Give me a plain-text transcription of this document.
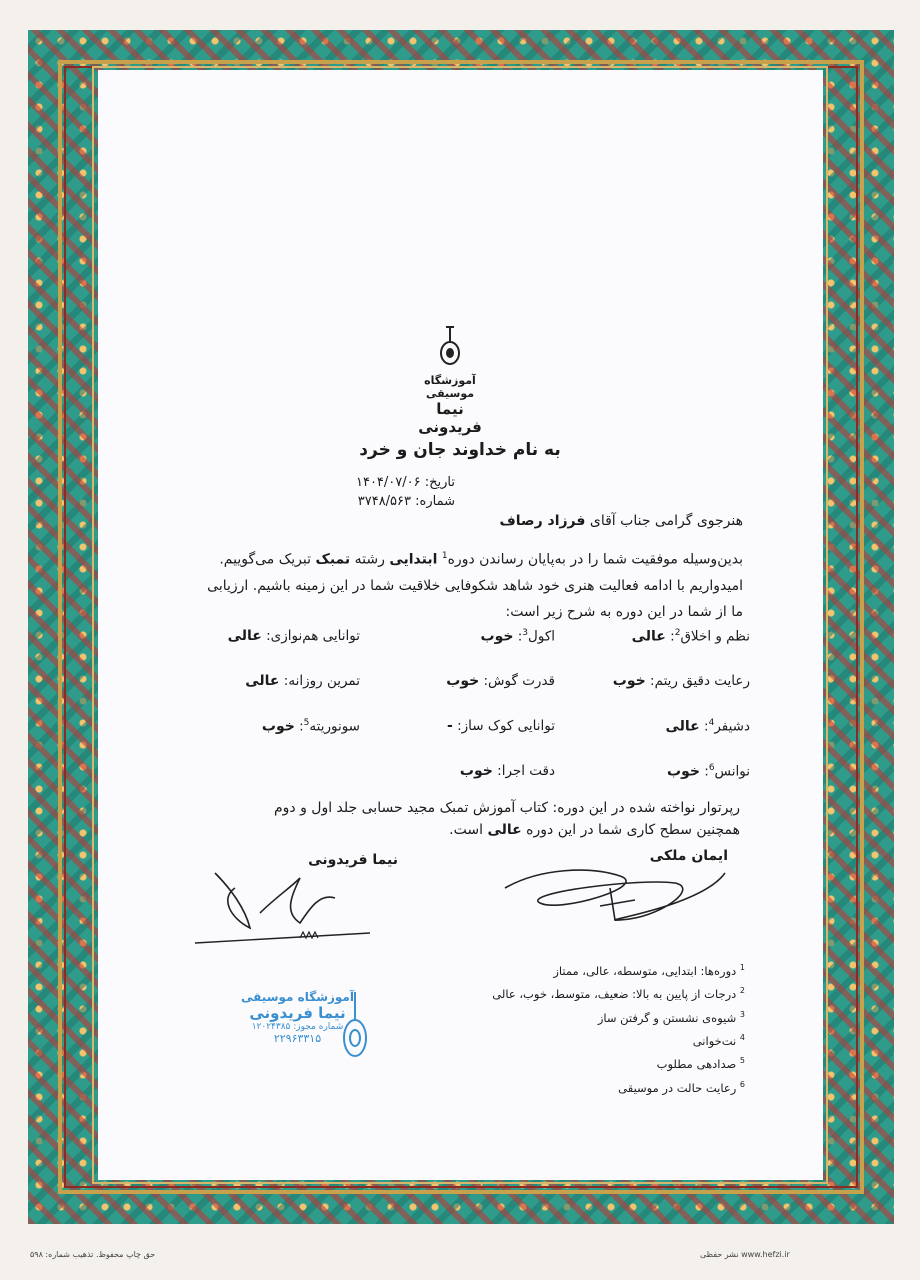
آموزشگاه موسیقی
نیما فریدونی
به نام خداوند جان و خرد
تاریخ: ۱۴۰۴/۰۷/۰۶
شماره: ۳۷۴۸/۵۶۳
هنرجوی گرامی جناب آقای فرزاد رصاف
بدین‌وسیله موفقیت شما را در به‌پایان رساندن دوره$^1$ ابتدایی رشته تمبک تبریک می‌گوییم. امیدواریم با ادامه فعالیت هنری خود شاهد شکوفایی خلاقیت شما در این زمینه باشیم. ارزیابی ما از شما در این دوره به شرح زیر است:
نظم و اخلاق$^2$: عالی
اکول$^3$: خوب
توانایی هم‌نوازی: عالی
رعایت دقیق ریتم: خوب
قدرت گوش: خوب
تمرین روزانه: عالی
دشیفر$^4$: عالی
توانایی کوک ساز: -
سونوریته$^5$: خوب
نوانس$^6$: خوب
دقت اجرا: خوب
رپرتوار نواخته شده در این دوره: کتاب آموزش تمبک مجید حسابی جلد اول و دوم
همچنین سطح کاری شما در این دوره عالی است.
ایمان ملکی
نیما فریدونی
آموزشگاه موسیقی
نیما فریدونی
شماره مجوز: ۱۲۰۲۴۳۸۵
۲۲۹۶۳۳۱۵
$^1$ دوره‌ها: ابتدایی، متوسطه، عالی، ممتاز
$^2$ درجات از پایین به بالا: ضعیف، متوسط، خوب، عالی
$^3$ شیوه‌ی نشستن و گرفتن ساز
$^4$ نت‌خوانی
$^5$ صدادهی مطلوب
$^6$ رعایت حالت در موسیقی
حق چاپ محفوظ. تذهیب شماره: ۵۹۸	www.hefzi.ir نشر حفظی
